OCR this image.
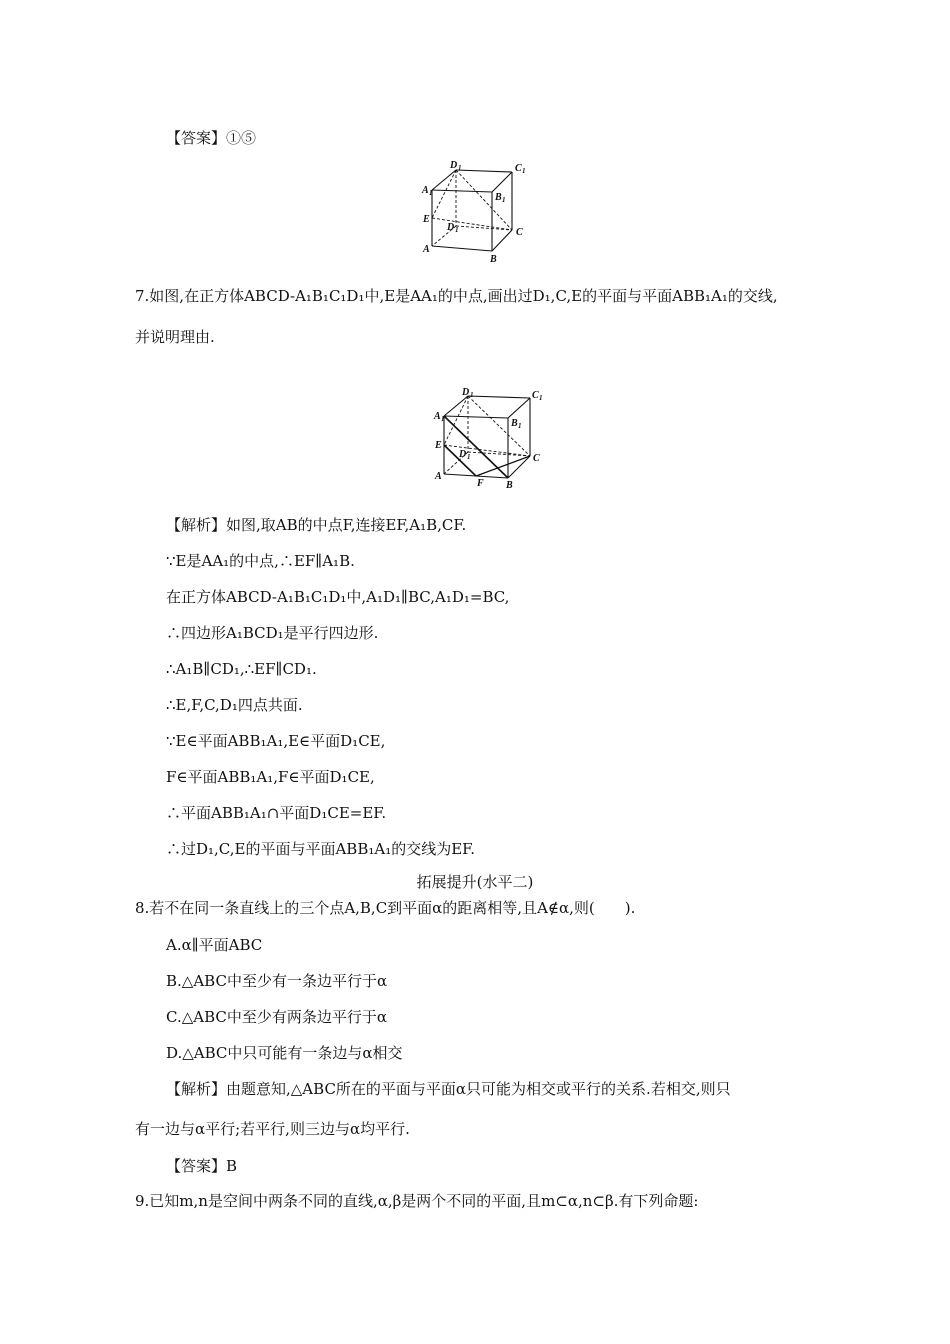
【答案】①⑤
D 1	C 1
A 1	B 1
E
D 1	C
A
B
7.如图,在正方体ABCD-A₁B₁C₁D₁中,E是AA₁的中点,画出过D₁,C,E的平面与平面ABB₁A₁的交线,
并说明理由.
D 1	C 1
A 1	B 1
E
D 1	C
A
F B
【解析】如图,取AB的中点F,连接EF,A₁B,CF.
∵E是AA₁的中点,∴EF∥A₁B.
在正方体ABCD-A₁B₁C₁D₁中,A₁D₁∥BC,A₁D₁=BC,
∴四边形A₁BCD₁是平行四边形.
∴A₁B∥CD₁,∴EF∥CD₁.
∴E,F,C,D₁四点共面.
∵E∈平面ABB₁A₁,E∈平面D₁CE,
F∈平面ABB₁A₁,F∈平面D₁CE,
∴平面ABB₁A₁∩平面D₁CE=EF.
∴过D₁,C,E的平面与平面ABB₁A₁的交线为EF.
拓展提升(水平二)
8.若不在同一条直线上的三个点A,B,C到平面α的距离相等,且A∉α,则(　　).
A.α∥平面ABC
B.△ABC中至少有一条边平行于α
C.△ABC中至少有两条边平行于α
D.△ABC中只可能有一条边与α相交
【解析】由题意知,△ABC所在的平面与平面α只可能为相交或平行的关系.若相交,则只
有一边与α平行;若平行,则三边与α均平行.
【答案】B
9.已知m,n是空间中两条不同的直线,α,β是两个不同的平面,且m⊂α,n⊂β.有下列命题:
